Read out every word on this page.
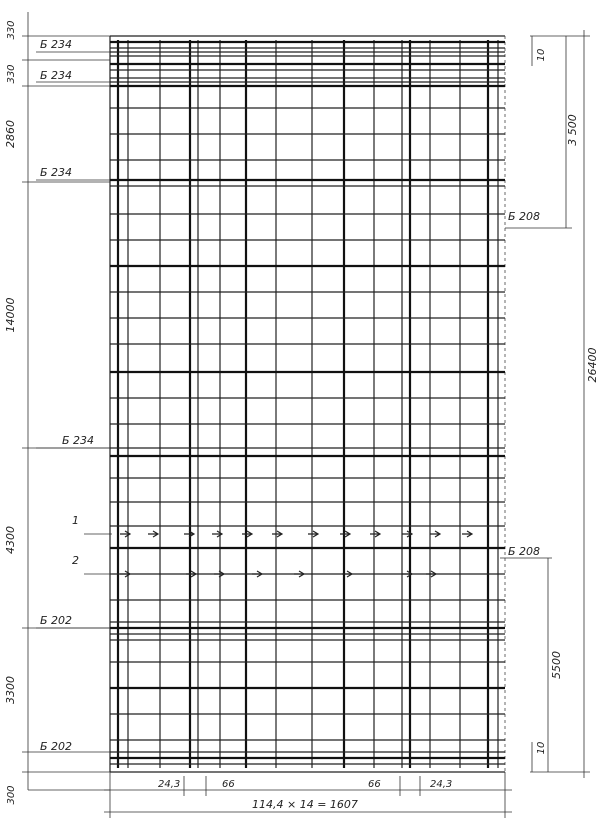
330
330
2860
14000
4300
3300
300
Б 234
Б 234
Б 234
Б 234
Б 202
Б 202
10
3 500
26400
5500
10
Б 208
Б 208
1
2
24,3	66	66	24,3
114,4 × 14 = 1607
